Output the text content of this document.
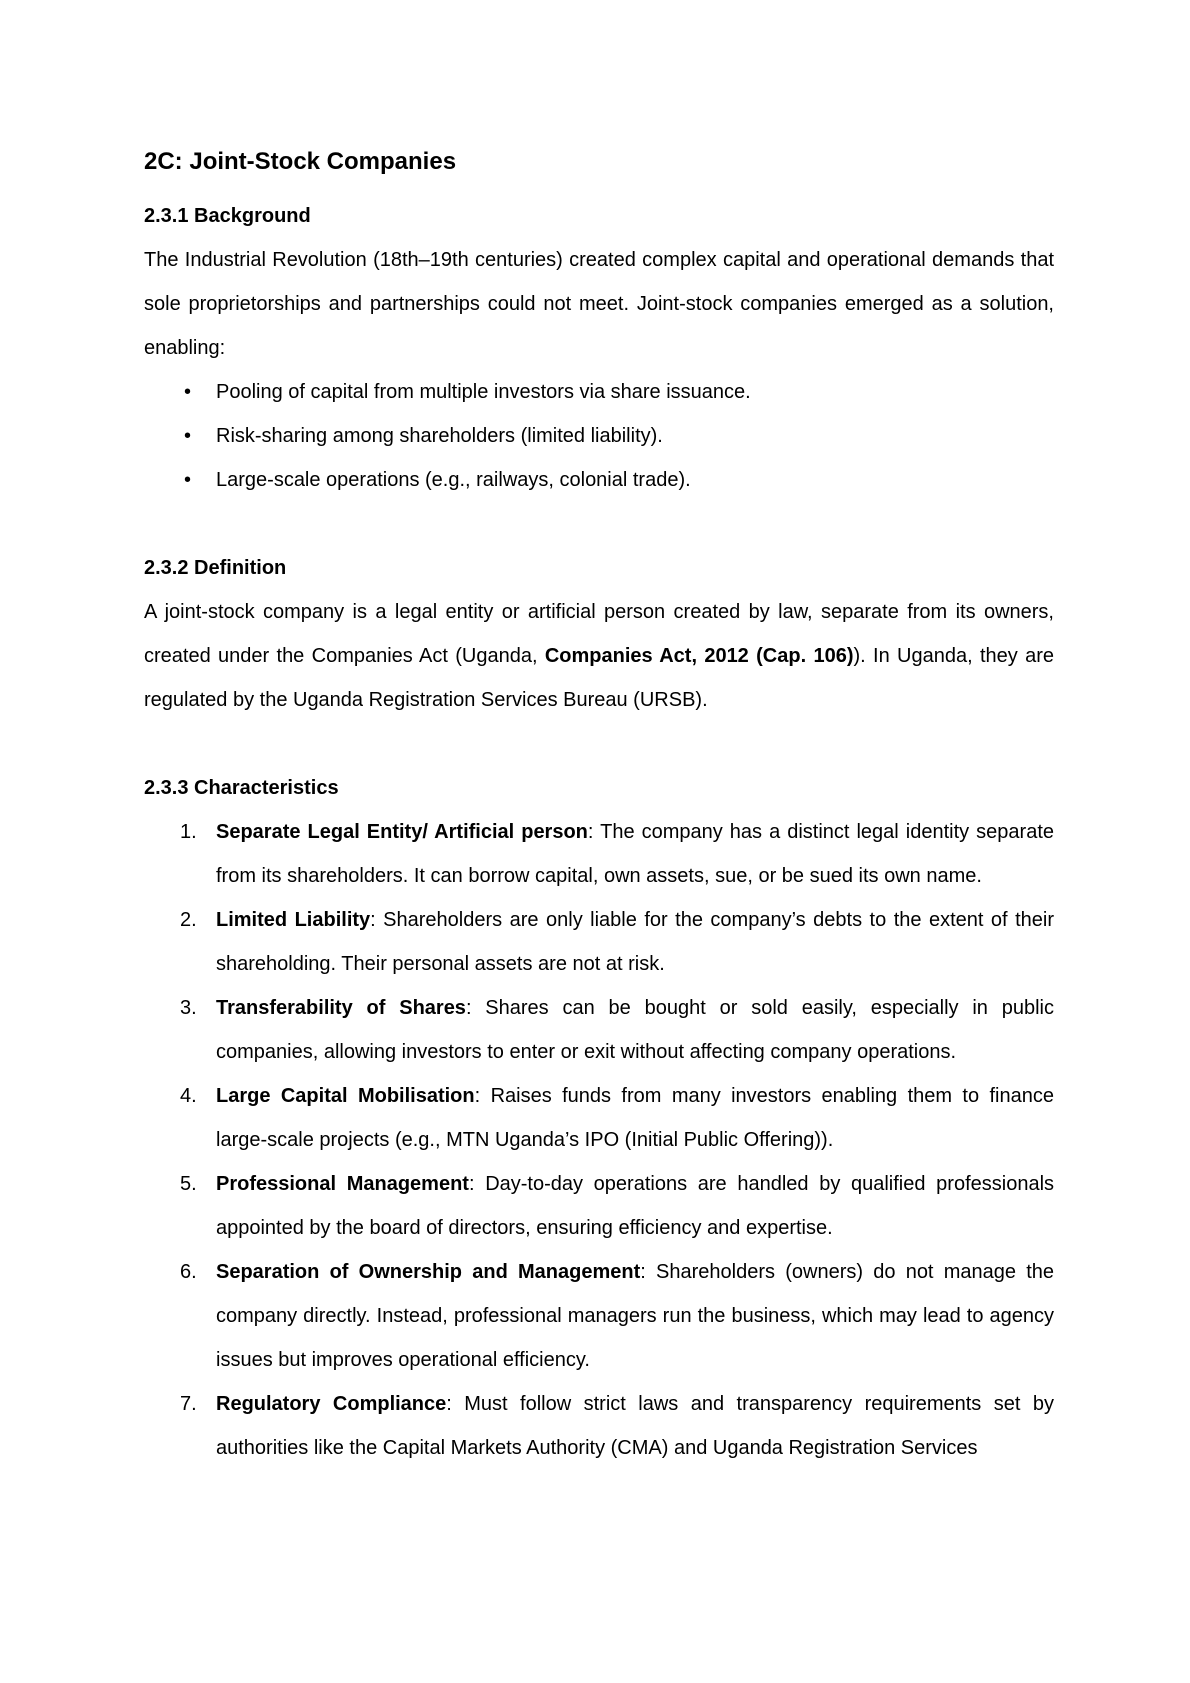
2C: Joint-Stock Companies
2.3.1 Background

The Industrial Revolution (18th–19th centuries) created complex capital and operational demands that sole proprietorships and partnerships could not meet. Joint-stock companies emerged as a solution, enabling:

• Pooling of capital from multiple investors via share issuance.
• Risk-sharing among shareholders (limited liability).
• Large-scale operations (e.g., railways, colonial trade).
2.3.2 Definition

A joint-stock company is a legal entity or artificial person created by law, separate from its owners, created under the Companies Act (Uganda, Companies Act, 2012 (Cap. 106)). In Uganda, they are regulated by the Uganda Registration Services Bureau (URSB).

2.3.3 Characteristics
1. Separate Legal Entity/ Artificial person: The company has a distinct legal identity separate from its shareholders. It can borrow capital, own assets, sue, or be sued its own name.
2. Limited Liability: Shareholders are only liable for the company’s debts to the extent of their shareholding. Their personal assets are not at risk.
3. Transferability of Shares: Shares can be bought or sold easily, especially in public companies, allowing investors to enter or exit without affecting company operations.
4. Large Capital Mobilisation: Raises funds from many investors enabling them to finance large-scale projects (e.g., MTN Uganda’s IPO (Initial Public Offering)).
5. Professional Management: Day-to-day operations are handled by qualified professionals appointed by the board of directors, ensuring efficiency and expertise.
6. Separation of Ownership and Management: Shareholders (owners) do not manage the company directly. Instead, professional managers run the business, which may lead to agency issues but improves operational efficiency.
7. Regulatory Compliance: Must follow strict laws and transparency requirements set by authorities like the Capital Markets Authority (CMA) and Uganda Registration Services
